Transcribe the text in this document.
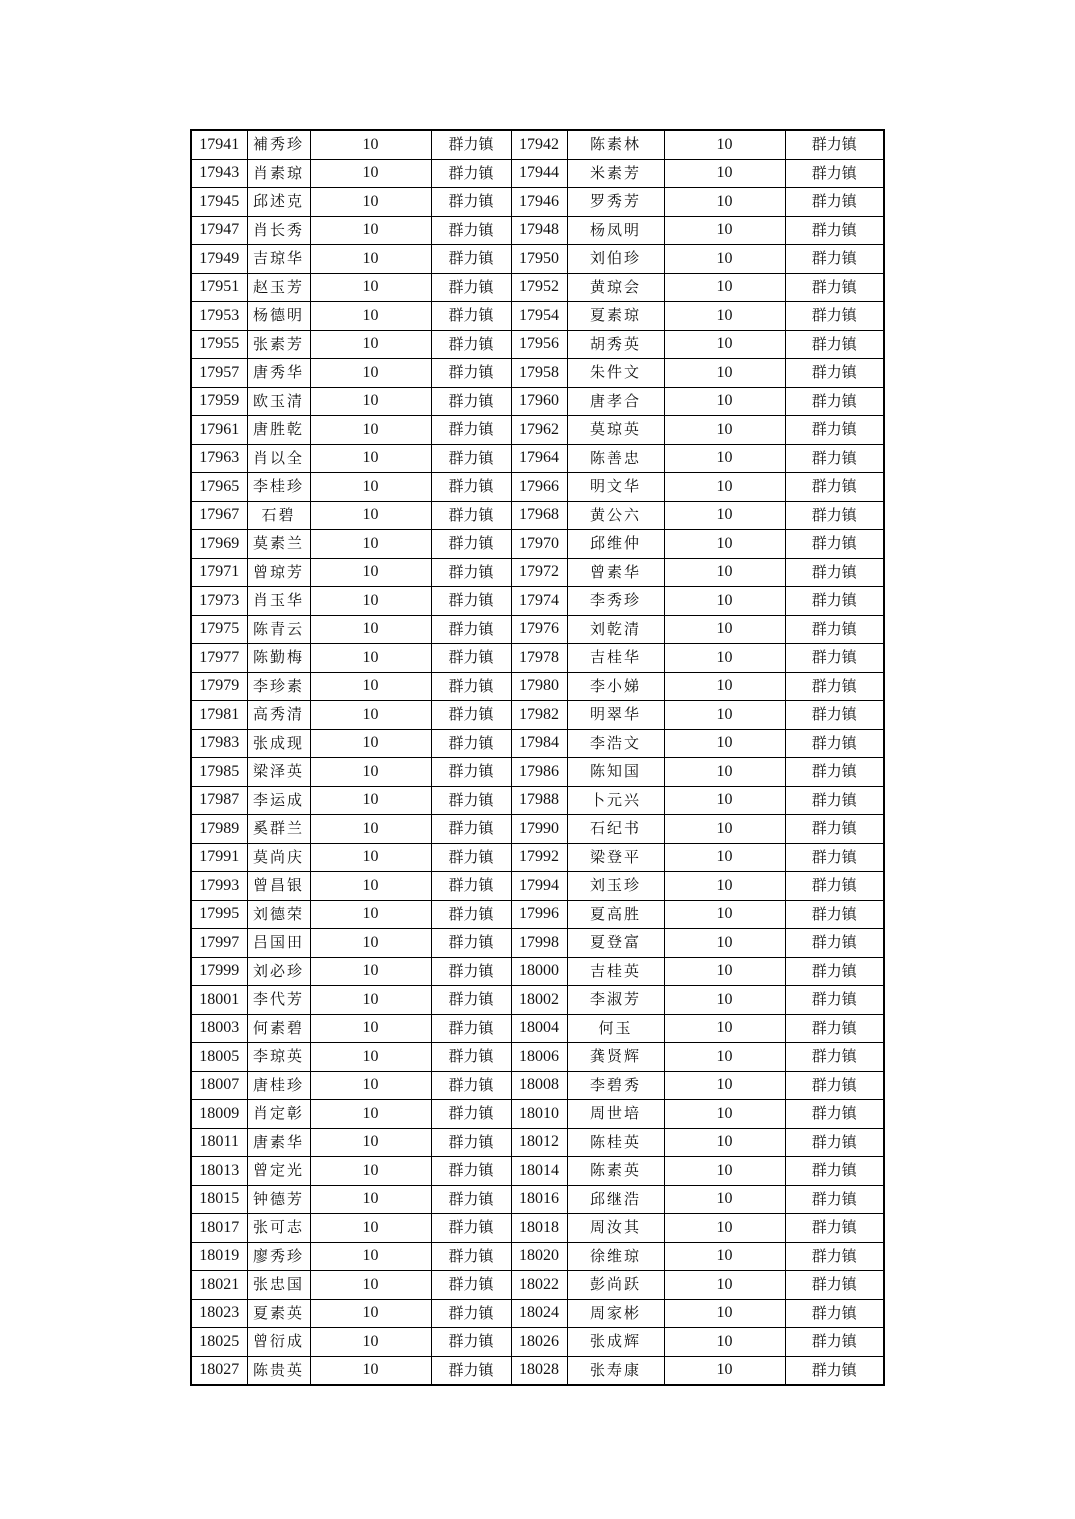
17941	補秀珍	10	群力镇	17942	陈素林	10	群力镇
17943	肖素琼	10	群力镇	17944	米素芳	10	群力镇
17945	邱述克	10	群力镇	17946	罗秀芳	10	群力镇
17947	肖长秀	10	群力镇	17948	杨凤明	10	群力镇
17949	吉琼华	10	群力镇	17950	刘伯珍	10	群力镇
17951	赵玉芳	10	群力镇	17952	黄琼会	10	群力镇
17953	杨德明	10	群力镇	17954	夏素琼	10	群力镇
17955	张素芳	10	群力镇	17956	胡秀英	10	群力镇
17957	唐秀华	10	群力镇	17958	朱件文	10	群力镇
17959	欧玉清	10	群力镇	17960	唐孝合	10	群力镇
17961	唐胜乾	10	群力镇	17962	莫琼英	10	群力镇
17963	肖以全	10	群力镇	17964	陈善忠	10	群力镇
17965	李桂珍	10	群力镇	17966	明文华	10	群力镇
17967	石碧	10	群力镇	17968	黄公六	10	群力镇
17969	莫素兰	10	群力镇	17970	邱维仲	10	群力镇
17971	曾琼芳	10	群力镇	17972	曾素华	10	群力镇
17973	肖玉华	10	群力镇	17974	李秀珍	10	群力镇
17975	陈青云	10	群力镇	17976	刘乾清	10	群力镇
17977	陈勤梅	10	群力镇	17978	吉桂华	10	群力镇
17979	李珍素	10	群力镇	17980	李小娣	10	群力镇
17981	高秀清	10	群力镇	17982	明翠华	10	群力镇
17983	张成现	10	群力镇	17984	李浩文	10	群力镇
17985	梁泽英	10	群力镇	17986	陈知国	10	群力镇
17987	李运成	10	群力镇	17988	卜元兴	10	群力镇
17989	奚群兰	10	群力镇	17990	石纪书	10	群力镇
17991	莫尚庆	10	群力镇	17992	梁登平	10	群力镇
17993	曾昌银	10	群力镇	17994	刘玉珍	10	群力镇
17995	刘德荣	10	群力镇	17996	夏高胜	10	群力镇
17997	吕国田	10	群力镇	17998	夏登富	10	群力镇
17999	刘必珍	10	群力镇	18000	吉桂英	10	群力镇
18001	李代芳	10	群力镇	18002	李淑芳	10	群力镇
18003	何素碧	10	群力镇	18004	何玉	10	群力镇
18005	李琼英	10	群力镇	18006	龚贤辉	10	群力镇
18007	唐桂珍	10	群力镇	18008	李碧秀	10	群力镇
18009	肖定彰	10	群力镇	18010	周世培	10	群力镇
18011	唐素华	10	群力镇	18012	陈桂英	10	群力镇
18013	曾定光	10	群力镇	18014	陈素英	10	群力镇
18015	钟德芳	10	群力镇	18016	邱继浩	10	群力镇
18017	张可志	10	群力镇	18018	周汝其	10	群力镇
18019	廖秀珍	10	群力镇	18020	徐维琼	10	群力镇
18021	张忠国	10	群力镇	18022	彭尚跃	10	群力镇
18023	夏素英	10	群力镇	18024	周家彬	10	群力镇
18025	曾衍成	10	群力镇	18026	张成辉	10	群力镇
18027	陈贵英	10	群力镇	18028	张寿康	10	群力镇
